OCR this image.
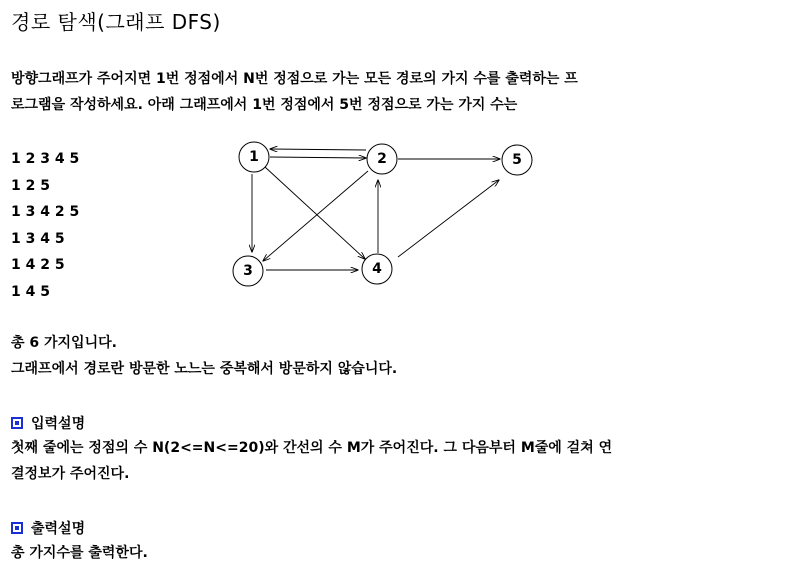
경로 탐색(그래프 DFS)
방향그래프가 주어지면 1번 정점에서 N번 정점으로 가는 모든 경로의 가지 수를 출력하는 프
로그램을 작성하세요. 아래 그래프에서 1번 정점에서 5번 정점으로 가는 가지 수는
1 2 3 4 5
1 2 5
1 3 4 2 5
1 3 4 5
1 4 2 5
1 4 5
1	2
3	4
5
총 6 가지입니다.
그래프에서 경로란 방문한 노느는 중복해서 방문하지 않습니다.
입력설명
첫째 줄에는 정점의 수 N(2<=N<=20)와 간선의 수 M가 주어진다. 그 다음부터 M줄에 걸쳐 연
결정보가 주어진다.
출력설명
총 가지수를 출력한다.
